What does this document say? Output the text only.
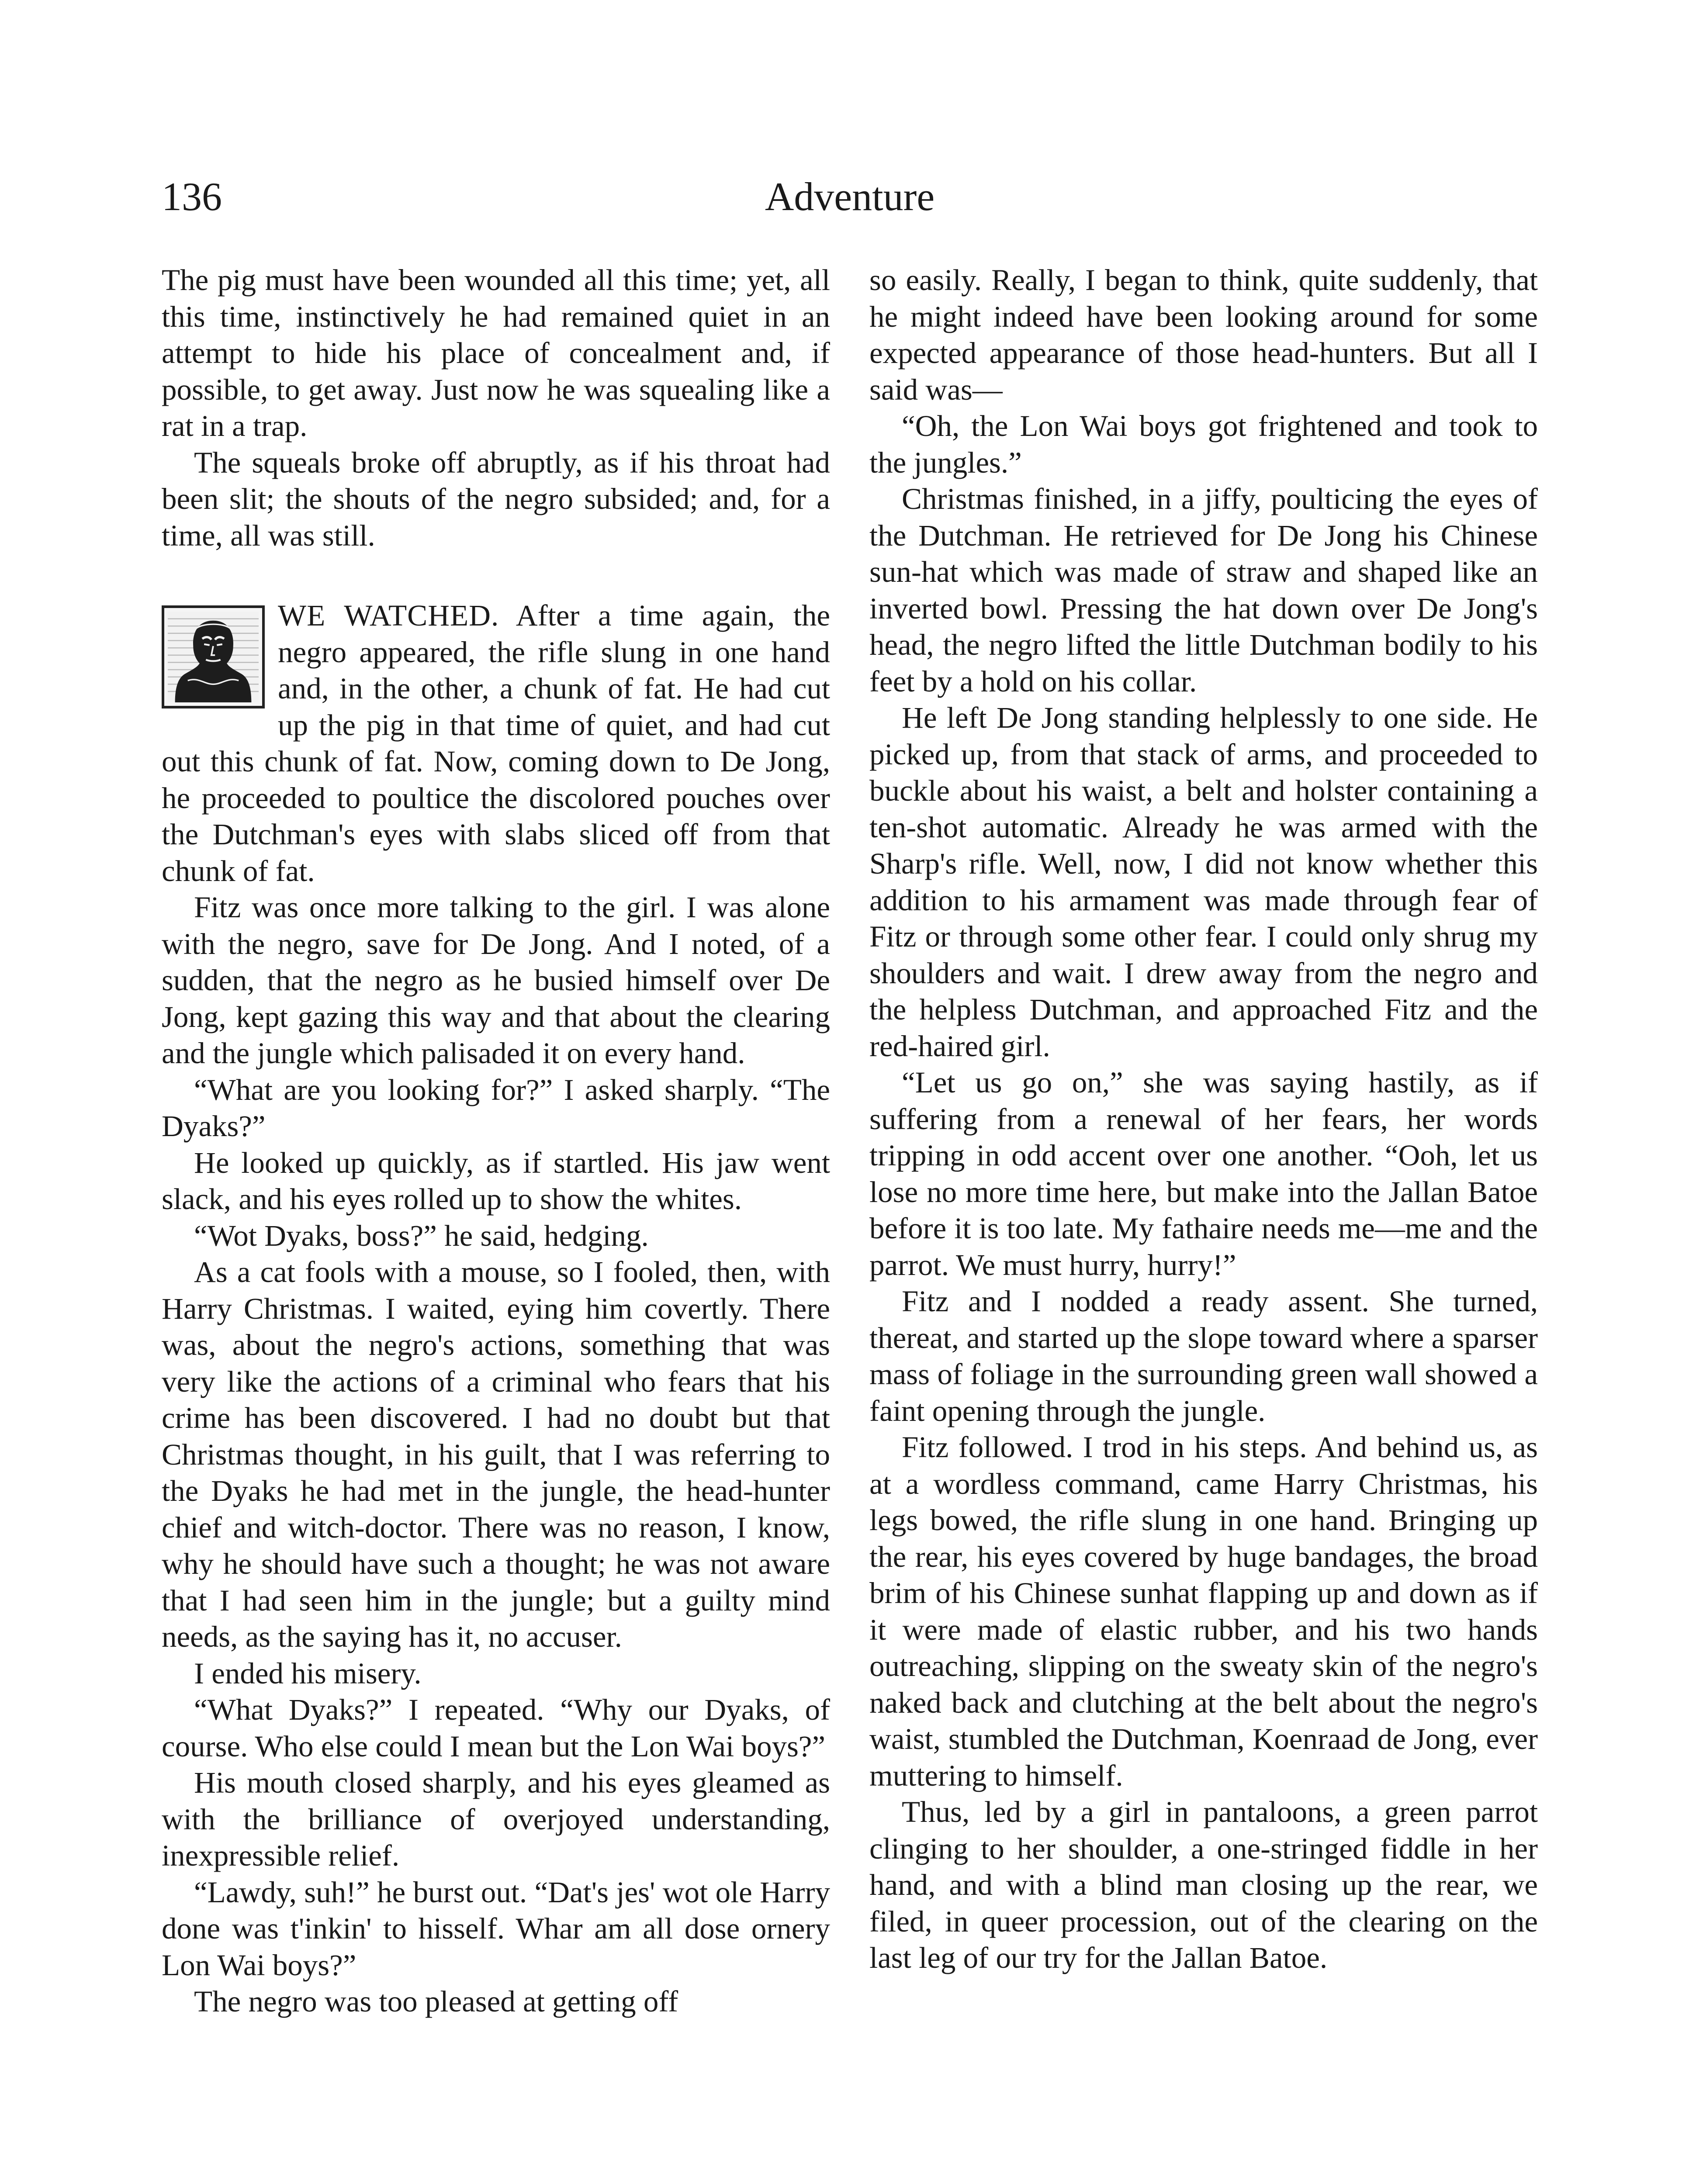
136	Adventure

The pig must have been wounded all this time; yet, all this time, instinctively he had remained quiet in an attempt to hide his place of concealment and, if possible, to get away. Just now he was squealing like a rat in a trap.

The squeals broke off abruptly, as if his throat had been slit; the shouts of the negro subsided; and, for a time, all was still.

WE WATCHED. After a time again, the negro appeared, the rifle slung in one hand and, in the other, a chunk of fat. He had cut up the pig in that time of quiet, and had cut out this chunk of fat. Now, coming down to De Jong, he proceeded to poultice the discolored pouches over the Dutchman's eyes with slabs sliced off from that chunk of fat.

Fitz was once more talking to the girl. I was alone with the negro, save for De Jong. And I noted, of a sudden, that the negro as he busied himself over De Jong, kept gazing this way and that about the clearing and the jungle which palisaded it on every hand.

“What are you looking for?” I asked sharply. “The Dyaks?”

He looked up quickly, as if startled. His jaw went slack, and his eyes rolled up to show the whites.

“Wot Dyaks, boss?” he said, hedging.

As a cat fools with a mouse, so I fooled, then, with Harry Christmas. I waited, eying him covertly. There was, about the negro's actions, something that was very like the actions of a criminal who fears that his crime has been discovered. I had no doubt but that Christmas thought, in his guilt, that I was referring to the Dyaks he had met in the jungle, the head-hunter chief and witch-doctor. There was no reason, I know, why he should have such a thought; he was not aware that I had seen him in the jungle; but a guilty mind needs, as the saying has it, no accuser.

I ended his misery.

“What Dyaks?” I repeated. “Why our Dyaks, of course. Who else could I mean but the Lon Wai boys?”

His mouth closed sharply, and his eyes gleamed as with the brilliance of overjoyed understanding, inexpressible relief.

“Lawdy, suh!” he burst out. “Dat's jes' wot ole Harry done was t'inkin' to hisself. Whar am all dose ornery Lon Wai boys?”

The negro was too pleased at getting off

so easily. Really, I began to think, quite suddenly, that he might indeed have been looking around for some expected appearance of those head-hunters. But all I said was—

“Oh, the Lon Wai boys got frightened and took to the jungles.”

Christmas finished, in a jiffy, poulticing the eyes of the Dutchman. He retrieved for De Jong his Chinese sun-hat which was made of straw and shaped like an inverted bowl. Pressing the hat down over De Jong's head, the negro lifted the little Dutchman bodily to his feet by a hold on his collar.

He left De Jong standing helplessly to one side. He picked up, from that stack of arms, and proceeded to buckle about his waist, a belt and holster containing a ten-shot automatic. Already he was armed with the Sharp's rifle. Well, now, I did not know whether this addition to his armament was made through fear of Fitz or through some other fear. I could only shrug my shoulders and wait. I drew away from the negro and the helpless Dutchman, and approached Fitz and the red-haired girl.

“Let us go on,” she was saying hastily, as if suffering from a renewal of her fears, her words tripping in odd accent over one another. “Ooh, let us lose no more time here, but make into the Jallan Batoe before it is too late. My fathaire needs me—me and the parrot. We must hurry, hurry!”

Fitz and I nodded a ready assent. She turned, thereat, and started up the slope toward where a sparser mass of foliage in the surrounding green wall showed a faint opening through the jungle.

Fitz followed. I trod in his steps. And behind us, as at a wordless command, came Harry Christmas, his legs bowed, the rifle slung in one hand. Bringing up the rear, his eyes covered by huge bandages, the broad brim of his Chinese sunhat flapping up and down as if it were made of elastic rubber, and his two hands outreaching, slipping on the sweaty skin of the negro's naked back and clutching at the belt about the negro's waist, stumbled the Dutchman, Koenraad de Jong, ever muttering to himself.

Thus, led by a girl in pantaloons, a green parrot clinging to her shoulder, a one-stringed fiddle in her hand, and with a blind man closing up the rear, we filed, in queer procession, out of the clearing on the last leg of our try for the Jallan Batoe.
